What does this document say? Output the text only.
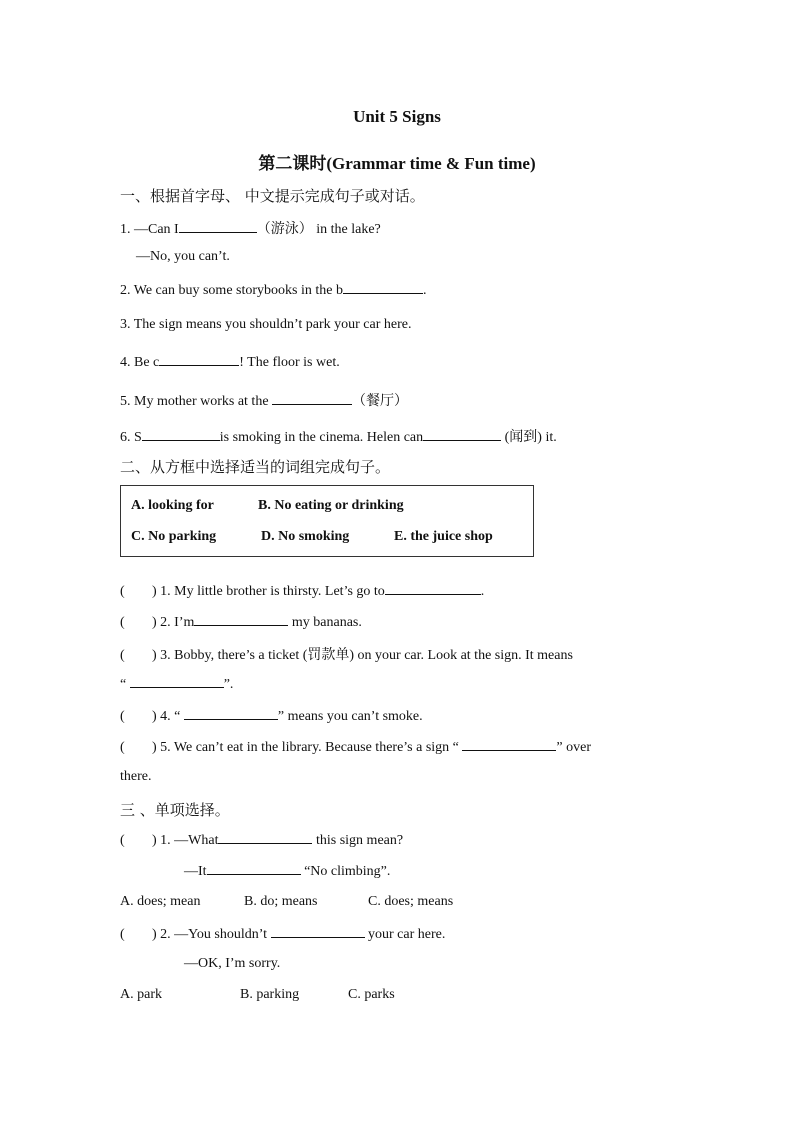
Unit 5 Signs
第二课时(Grammar time & Fun time)
一、根据首字母、 中文提示完成句子或对话。
1. —Can I	（游泳） in the lake?
—No, you can’t.
2. We can buy some storybooks in the b	.
3. The sign means you shouldn’t park your car here.
4. Be c	! The floor is wet.
5. My mother works at the	（餐厅）
6. S	is smoking in the cinema. Helen can	(闻到) it.
二、从方框中选择适当的词组完成句子。
A. looking for	B. No eating or drinking
C. No parking	D. No smoking	E. the juice shop
( ) 1. My little brother is thirsty. Let’s go to	.
( ) 2. I’m	my bananas.
( ) 3. Bobby, there’s a ticket (罚款单) on your car. Look at the sign. It means
“	”.
( ) 4. “	” means you can’t smoke.
( ) 5. We can’t eat in the library. Because there’s a sign “	” over
there.
三 、单项选择。
( ) 1. —What	this sign mean?
—It	“No climbing”.
A. does; mean	B. do; means	C. does; means
( ) 2. —You shouldn’t	your car here.
—OK, I’m sorry.
A. park	B. parking	C. parks
